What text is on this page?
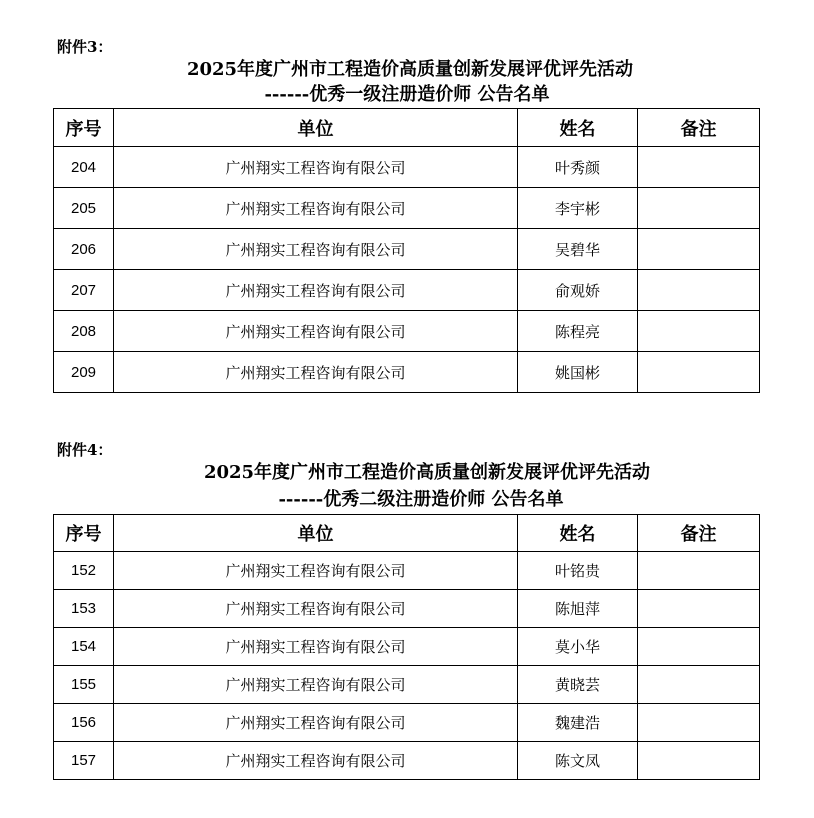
附件3：
2025年度广州市工程造价高质量创新发展评优评先活动
------优秀一级注册造价师 公告名单
序号	单位	姓名	备注
204	广州翔实工程咨询有限公司	叶秀颜	
205	广州翔实工程咨询有限公司	李宇彬	
206	广州翔实工程咨询有限公司	吴碧华	
207	广州翔实工程咨询有限公司	俞观娇	
208	广州翔实工程咨询有限公司	陈程亮	
209	广州翔实工程咨询有限公司	姚国彬	
附件4：
2025年度广州市工程造价高质量创新发展评优评先活动
------优秀二级注册造价师 公告名单
序号	单位	姓名	备注
152	广州翔实工程咨询有限公司	叶铭贵	
153	广州翔实工程咨询有限公司	陈旭萍	
154	广州翔实工程咨询有限公司	莫小华	
155	广州翔实工程咨询有限公司	黄晓芸	
156	广州翔实工程咨询有限公司	魏建浩	
157	广州翔实工程咨询有限公司	陈文凤	
